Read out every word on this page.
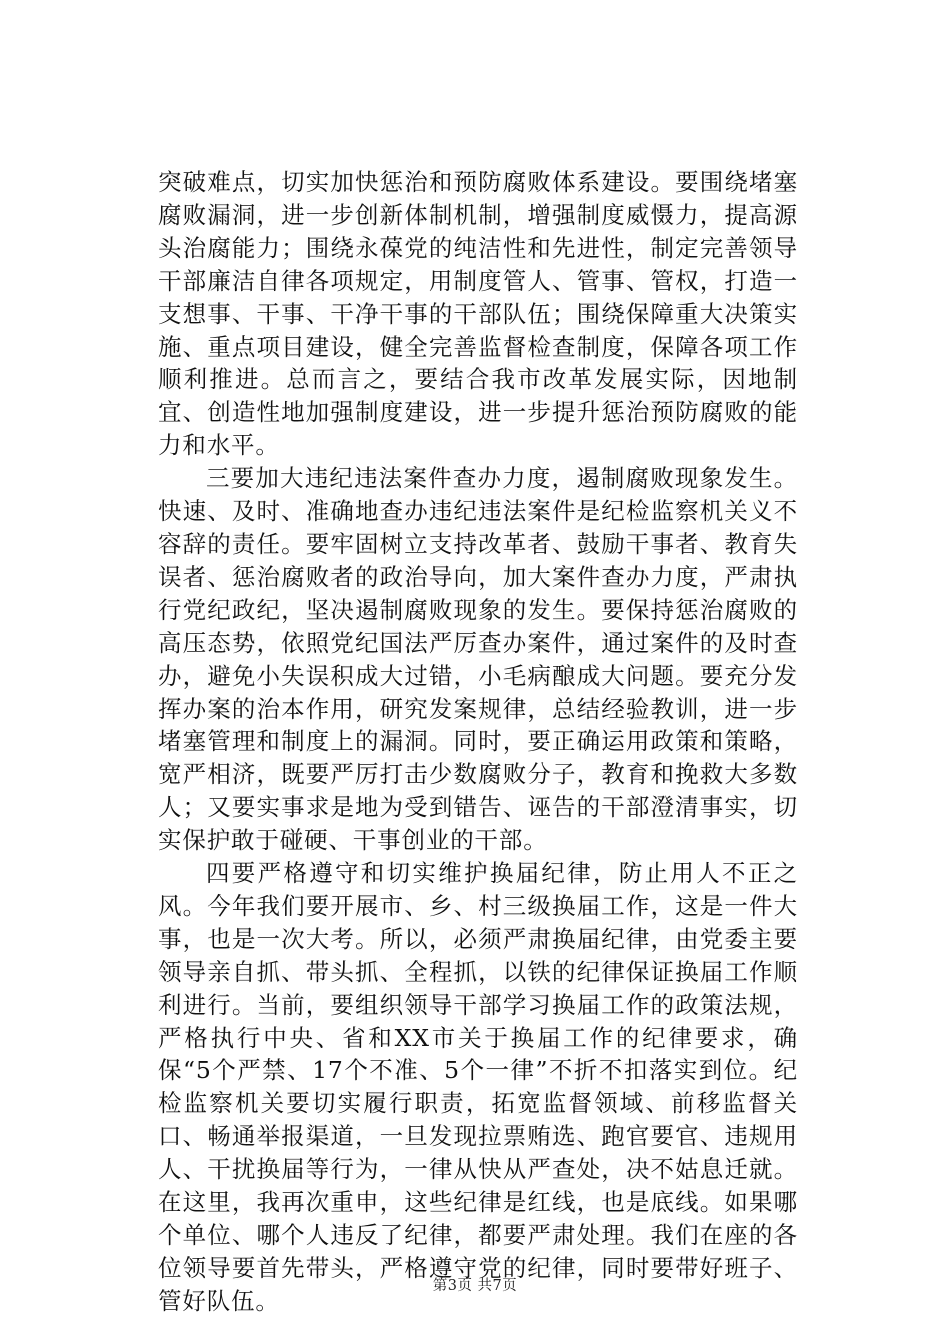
突破难点，切实加快惩治和预防腐败体系建设。要围绕堵塞腐败漏洞，进一步创新体制机制，增强制度威慑力，提高源头治腐能力；围绕永葆党的纯洁性和先进性，制定完善领导干部廉洁自律各项规定，用制度管人、管事、管权，打造一支想事、干事、干净干事的干部队伍；围绕保障重大决策实施、重点项目建设，健全完善监督检查制度，保障各项工作顺利推进。总而言之，要结合我市改革发展实际，因地制宜、创造性地加强制度建设，进一步提升惩治预防腐败的能力和水平。

三要加大违纪违法案件查办力度，遏制腐败现象发生。快速、及时、准确地查办违纪违法案件是纪检监察机关义不容辞的责任。要牢固树立支持改革者、鼓励干事者、教育失误者、惩治腐败者的政治导向，加大案件查办力度，严肃执行党纪政纪，坚决遏制腐败现象的发生。要保持惩治腐败的高压态势，依照党纪国法严厉查办案件，通过案件的及时查办，避免小失误积成大过错，小毛病酿成大问题。要充分发挥办案的治本作用，研究发案规律，总结经验教训，进一步堵塞管理和制度上的漏洞。同时，要正确运用政策和策略，宽严相济，既要严厉打击少数腐败分子，教育和挽救大多数人；又要实事求是地为受到错告、诬告的干部澄清事实，切实保护敢于碰硬、干事创业的干部。

四要严格遵守和切实维护换届纪律，防止用人不正之风。今年我们要开展市、乡、村三级换届工作，这是一件大事，也是一次大考。所以，必须严肃换届纪律，由党委主要领导亲自抓、带头抓、全程抓，以铁的纪律保证换届工作顺利进行。当前，要组织领导干部学习换届工作的政策法规，严格执行中央、省和XX市关于换届工作的纪律要求，确保“5个严禁、17个不准、5个一律”不折不扣落实到位。纪检监察机关要切实履行职责，拓宽监督领域、前移监督关口、畅通举报渠道，一旦发现拉票贿选、跑官要官、违规用人、干扰换届等行为，一律从快从严查处，决不姑息迁就。在这里，我再次重申，这些纪律是红线，也是底线。如果哪个单位、哪个人违反了纪律，都要严肃处理。我们在座的各位领导要首先带头，严格遵守党的纪律，同时要带好班子、管好队伍。

第3页 共7页
